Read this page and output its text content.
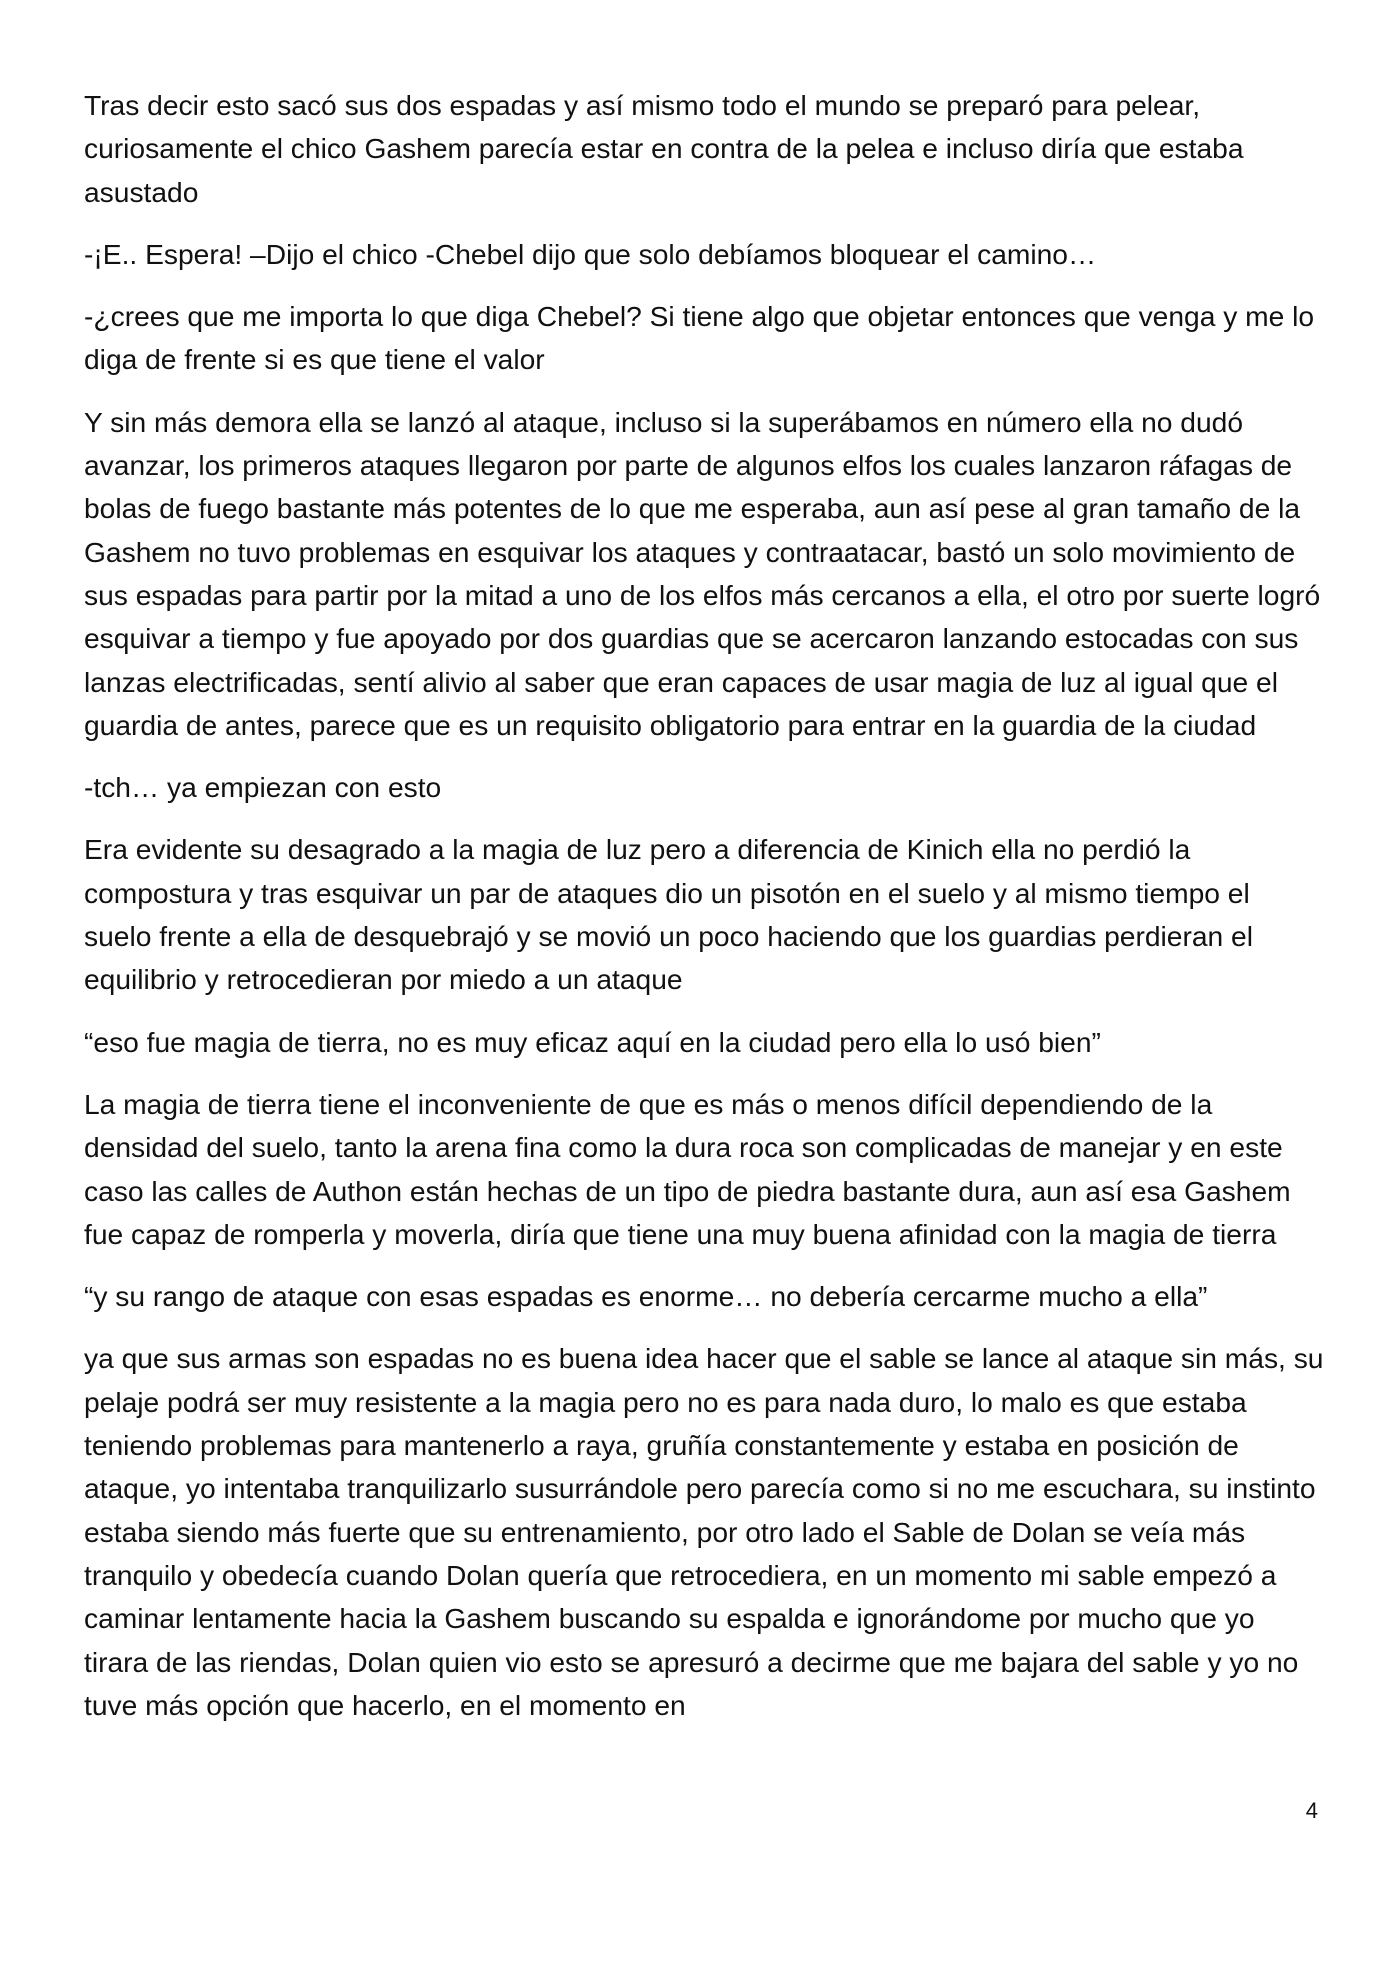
Tras decir esto sacó sus dos espadas y así mismo todo el mundo se preparó para pelear, curiosamente el chico Gashem parecía estar en contra de la pelea e incluso diría que estaba asustado

-¡E.. Espera! –Dijo el chico -Chebel dijo que solo debíamos bloquear el camino…

-¿crees que me importa lo que diga Chebel? Si tiene algo que objetar entonces que venga y me lo diga de frente si es que tiene el valor

Y sin más demora ella se lanzó al ataque, incluso si la superábamos en número ella no dudó avanzar, los primeros ataques llegaron por parte de algunos elfos los cuales lanzaron ráfagas de bolas de fuego bastante más potentes de lo que me esperaba, aun así pese al gran tamaño de la Gashem no tuvo problemas en esquivar los ataques y contraatacar, bastó un solo movimiento de sus espadas para partir por la mitad a uno de los elfos más cercanos a ella, el otro por suerte logró esquivar a tiempo y fue apoyado por dos guardias que se acercaron lanzando estocadas con sus lanzas electrificadas, sentí alivio al saber que eran capaces de usar magia de luz al igual que el guardia de antes, parece que es un requisito obligatorio para entrar en la guardia de la ciudad

-tch… ya empiezan con esto

Era evidente su desagrado a la magia de luz pero a diferencia de Kinich ella no perdió la compostura y tras esquivar un par de ataques dio un pisotón en el suelo y al mismo tiempo el suelo frente a ella de desquebrajó y se movió un poco haciendo que los guardias perdieran el equilibrio y retrocedieran por miedo a un ataque

“eso fue magia de tierra, no es muy eficaz aquí en la ciudad pero ella lo usó bien”

La magia de tierra tiene el inconveniente de que es más o menos difícil dependiendo de la densidad del suelo, tanto la arena fina como la dura roca son complicadas de manejar y en este caso las calles de Authon están hechas de un tipo de piedra bastante dura, aun así esa Gashem fue capaz de romperla y moverla, diría que tiene una muy buena afinidad con la magia de tierra

“y su rango de ataque con esas espadas es enorme… no debería cercarme mucho a ella”

ya que sus armas son espadas no es buena idea hacer que el sable se lance al ataque sin más, su pelaje podrá ser muy resistente a la magia pero no es para nada duro, lo malo es que estaba teniendo problemas para mantenerlo a raya, gruñía constantemente y estaba en posición de ataque, yo intentaba tranquilizarlo susurrándole pero parecía como si no me escuchara, su instinto estaba siendo más fuerte que su entrenamiento, por otro lado el Sable de Dolan se veía más tranquilo y obedecía cuando Dolan quería que retrocediera, en un momento mi sable empezó a caminar lentamente hacia la Gashem buscando su espalda e ignorándome por mucho que yo tirara de las riendas, Dolan quien vio esto se apresuró a decirme que me bajara del sable y yo no tuve más opción que hacerlo, en el momento en

4
